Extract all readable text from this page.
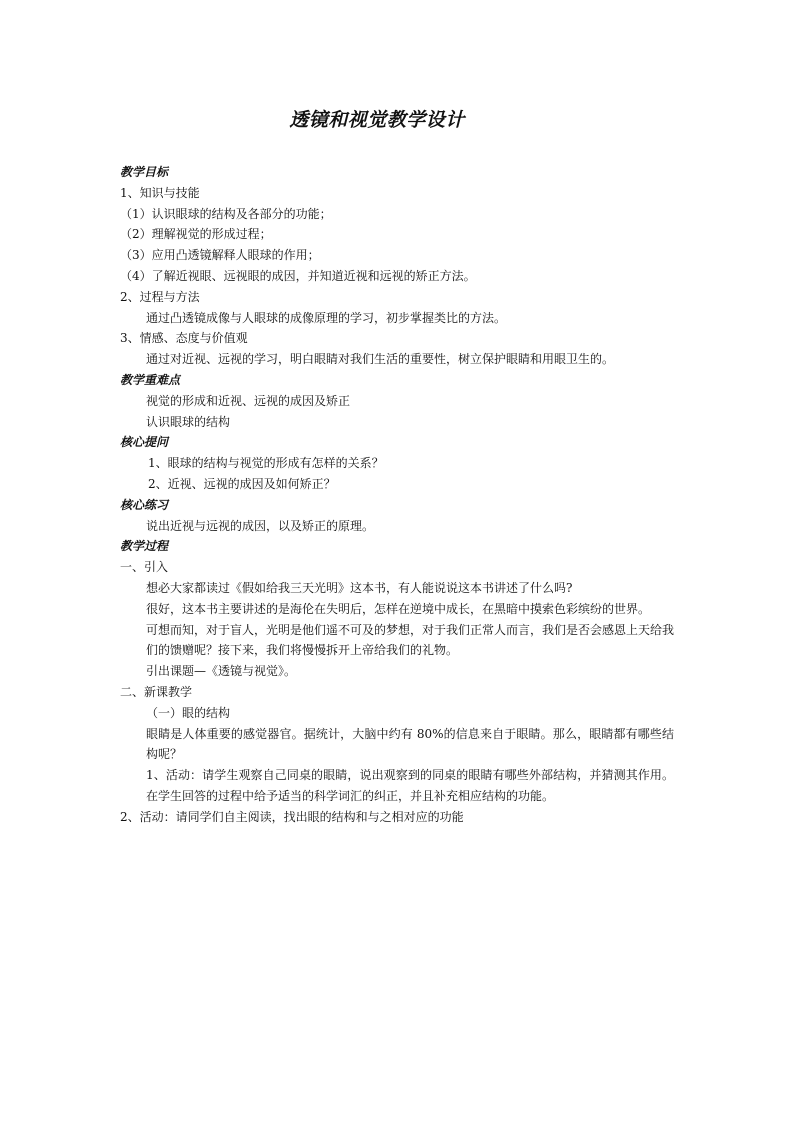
透镜和视觉教学设计
教学目标
1、知识与技能
（1）认识眼球的结构及各部分的功能；
（2）理解视觉的形成过程；
（3）应用凸透镜解释人眼球的作用；
（4）了解近视眼、远视眼的成因，并知道近视和远视的矫正方法。
2、过程与方法
通过凸透镜成像与人眼球的成像原理的学习，初步掌握类比的方法。
3、情感、态度与价值观
通过对近视、远视的学习，明白眼睛对我们生活的重要性，树立保护眼睛和用眼卫生的。
教学重难点
视觉的形成和近视、远视的成因及矫正
认识眼球的结构
核心提问
1、眼球的结构与视觉的形成有怎样的关系？
2、近视、远视的成因及如何矫正？
核心练习
说出近视与远视的成因，以及矫正的原理。
教学过程
一、引入
想必大家都读过《假如给我三天光明》这本书，有人能说说这本书讲述了什么吗?
很好，这本书主要讲述的是海伦在失明后，怎样在逆境中成长，在黑暗中摸索色彩缤纷的世界。
可想而知，对于盲人，光明是他们遥不可及的梦想，对于我们正常人而言，我们是否会感恩上天给我们的馈赠呢？接下来，我们将慢慢拆开上帝给我们的礼物。
引出课题—《透镜与视觉》。
二、新课教学
（一）眼的结构
眼睛是人体重要的感觉器官。据统计，大脑中约有 80%的信息来自于眼睛。那么，眼睛都有哪些结构呢？
1、活动：请学生观察自己同桌的眼睛，说出观察到的同桌的眼睛有哪些外部结构，并猜测其作用。在学生回答的过程中给予适当的科学词汇的纠正，并且补充相应结构的功能。
2、活动：请同学们自主阅读，找出眼的结构和与之相对应的功能
